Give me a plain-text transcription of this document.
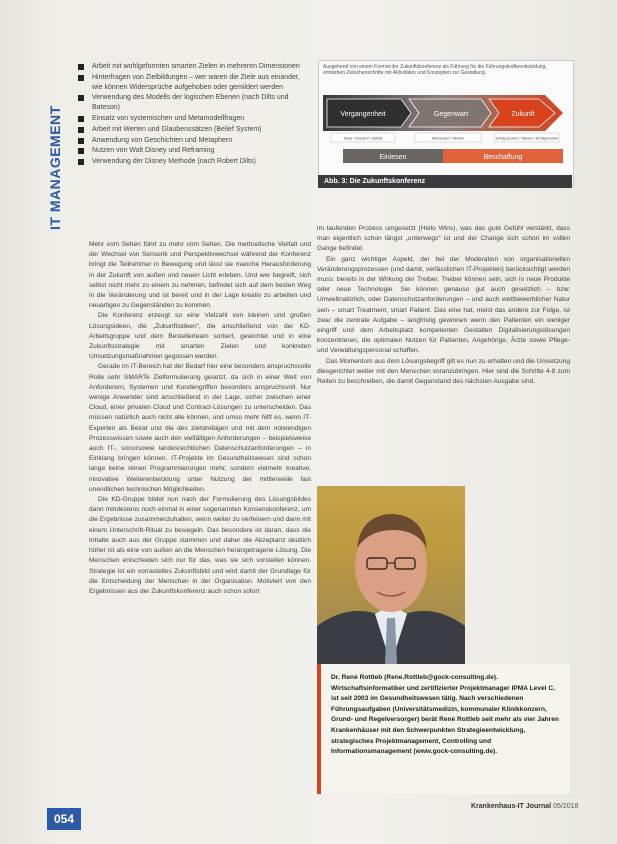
IT MANAGEMENT
Arbeit mit wohlgeformten smarten Zielen in mehreren Dimensionen
Hinterfragen von Zielbildungen – wer waren die Ziele aus einander, wie können Widersprüche aufgehoben oder gemildert werden
Verwendung des Modells der logischen Ebenen (nach Dilts und Bateson)
Einsatz von systemischen und Metamodellfragen
Arbeit mit Werten und Glaubenssätzen (Belief System)
Anwendung von Geschichten und Metaphern
Nutzen von Walt Disney und Reframing
Verwendung der Disney Methode (nach Robert Dilts)

Mehr vom Sehen führt zu mehr vom Sehen. Die methodische Vielfalt und der Wechsel von Sensorik und Perspektivwechsel während der Konferenz bringt die Teilnehmer in Bewegung und lässt sie manche Herausforderung in der Zukunft von außen und neuen Licht erleben. Und wer begreift, sich selbst nicht mehr zu einem zu nehmen, befindet sich auf dem besten Weg in die Veränderung und ist bereit und in der Lage kreativ zu arbeiten und neuartigen zu Gegenständen zu kommen.

Die Konferenz erzeugt so eine Vielzahl von kleinen und großen Lösungsideen, die „Zukunftsideen“, die anschließend von der KD-Arbeitsgruppe und dem Bestellerteam sortiert, gewichtet und in eine Zukunftsstrategie mit smarten Zielen und konkreten Umsetzungsmaßnahmen gegossen werden.

Gerade im IT-Bereich hat der Bedarf hier eine besonders anspruchsvolle Rolle sehr SMARTe Zielformulierung gesetzt, da sich in einer Welt von Anforderern, Systemen und Kundengriffen besonders anspruchsvoll. Nur wenige Anwender sind anschließend in der Lage, sicher zwischen einer Cloud, einer privaten Cloud und Contract-Lösungen zu unterscheiden. Das müssen natürlich auch nicht alle können, und umso mehr hilft es, wenn IT-Experten als Beirat und die des zielstrebigen und mit dem notwendigen Prozesswissen sowie auch den vielfältigen Anforderungen – beispielsweise auch IT-, sonorsowie landesrechtlichen Datenschutzanforderungen – in Einklang bringen können. IT-Projekte im Gesundheitswesen sind schon lange keine reinen Programmierungen mehr, sondern vielmehr kreative, innovative Weiterentwicklung unter Nutzung der mittlerweile fast unendlichen technischen Möglichkeiten.

Die KD-Gruppe bildet nun nach der Formulierung des Lösungsbildes dann mindestens noch einmal in einer sogenannten Konsenskonferenz, um die Ergebnisse zusammenzuhalten, wenn weiter zu verfeinern und dann mit einem Unterschrift-Ritual zu besiegeln. Das besondere ist daran, dass die Inhalte auch aus der Gruppe stammen und daher die Akzeptanz deutlich höher ist als eine von außen an die Menschen herangetragene Lösung. Die Menschen entscheiden sich nur für das, was sie sich vorstellen können. Strategie ist ein vorrasteltes Zukunftsbild und wird damit der Grundlage für die Entscheidung der Menschen in der Organisation. Motiviert von den Ergebnissen aus der Zukunftskonferenz auch schon sofort

Ausgehend von einem Format der Zukunftskonferenz als Führung für die Führungskräfteentwicklung, entstehen Zwischenschritte mit Aktivitäten und Konzepten zur Gestaltung.
Vergangenheit	Gegenwart	Zukunft
Krise / Einsicht / Selbst	Wünschen / Wollen	Erfolg suchen / Wissen / Erfolgsmodell
Einlesen	Beschaffung
Abb. 3: Die Zukunftskonferenz

im laufenden Prozess umgesetzt (Hello Wins), was das gute Gefühl verstärkt, dass man eigentlich schon längst „unterwegs“ ist und der Change sich schon im vollen Gange befindet.

Ein ganz wichtiger Aspekt, der bei der Moderation von organisationellen Veränderungsprozessen (und damit, verlässlichen IT-Projekten) berücksichtigt werden muss: bereits in der Wirkung der Treiber. Treiber können sein, sich in neue Produkte oder neue Technologie. Sie können genauso gut auch gesetzlich – bzw. Umweltnatürlich, oder Datenschutzanforderungen – und auch wettbewerblicher Natur sein – smart Treatment, smart Patient. Das eine hat, meist das andere zur Folge, ist zwar die zentrale Aufgabe – langfristig gewinnen wenn den Patienten ein weniger eingriff und dem Arbeitsplatz kompetenten Gestalten Digitalisierungslösungen konzentrieren, die optimalen Nutzen für Patienten, Angehörige, Ärzte sowie Pflege- und Verwaltungspersonal schaffen.

Das Momentum aus dem Lösungsbegriff gilt es nun zu erhalten und die Umsetzung diesgerichtet weiter mit den Menschen voranzubringen. Hier sind die Schritte 4-8 zum Reiten zu beschreiben, die damit Gegenstand des nächsten Ausgabe sind.

Dr. René Rottleb (Rene.Rottleb@gock-consulting.de). Wirtschaftsinformatiker und zertifizierter Projektmanager IPMA Level C, ist seit 2003 im Gesundheitswesen tätig. Nach verschiedenen Führungsaufgaben (Universitätsmedizin, kommunaler Klinikkonzern, Grund- und Regelversorger) berät René Rottleb seit mehr als vier Jahren Krankenhäuser mit den Schwerpunkten Strategieentwicklung, strategisches Projektmanagement, Controlling und Informationsmanagement (www.gock-consulting.de).
Krankenhaus-IT Journal 05/2018
054
